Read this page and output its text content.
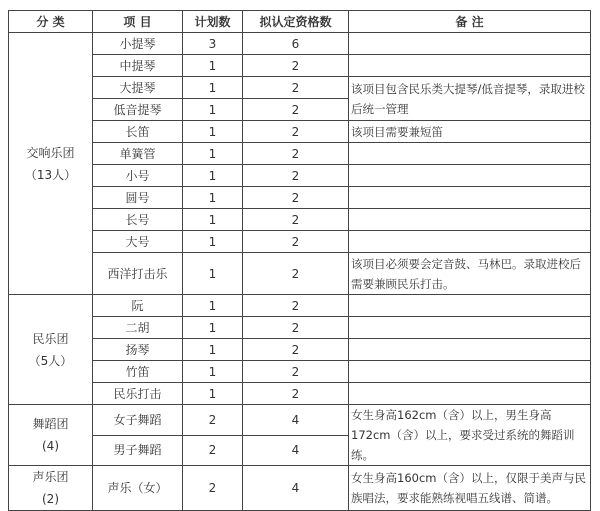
分 类	项 目	计划数	拟认定资格数	备 注
交响乐团
（13人）	小提琴	3	6	
	中提琴	1	2	
	大提琴	1	2	该项目包含民乐类大提琴/低音提琴，录取进校后统一管理
	低音提琴	1	2	
	长笛	1	2	该项目需要兼短笛
	单簧管	1	2	
	小号	1	2	
	圆号	1	2	
	长号	1	2	
	大号	1	2	
	西洋打击乐	1	2	该项目必须要会定音鼓、马林巴。录取进校后需要兼顾民乐打击。
民乐团
（5人）	阮	1	2	
	二胡	1	2	
	扬琴	1	2	
	竹笛	1	2	
	民乐打击	1	2	
舞蹈团
(4)	女子舞蹈	2	4	女生身高162cm（含）以上，男生身高172cm（含）以上，要求受过系统的舞蹈训练。
	男子舞蹈	2	4	
声乐团
(2)	声乐（女）	2	4	女生身高160cm（含）以上，仅限于美声与民族唱法，要求能熟练视唱五线谱、简谱。
